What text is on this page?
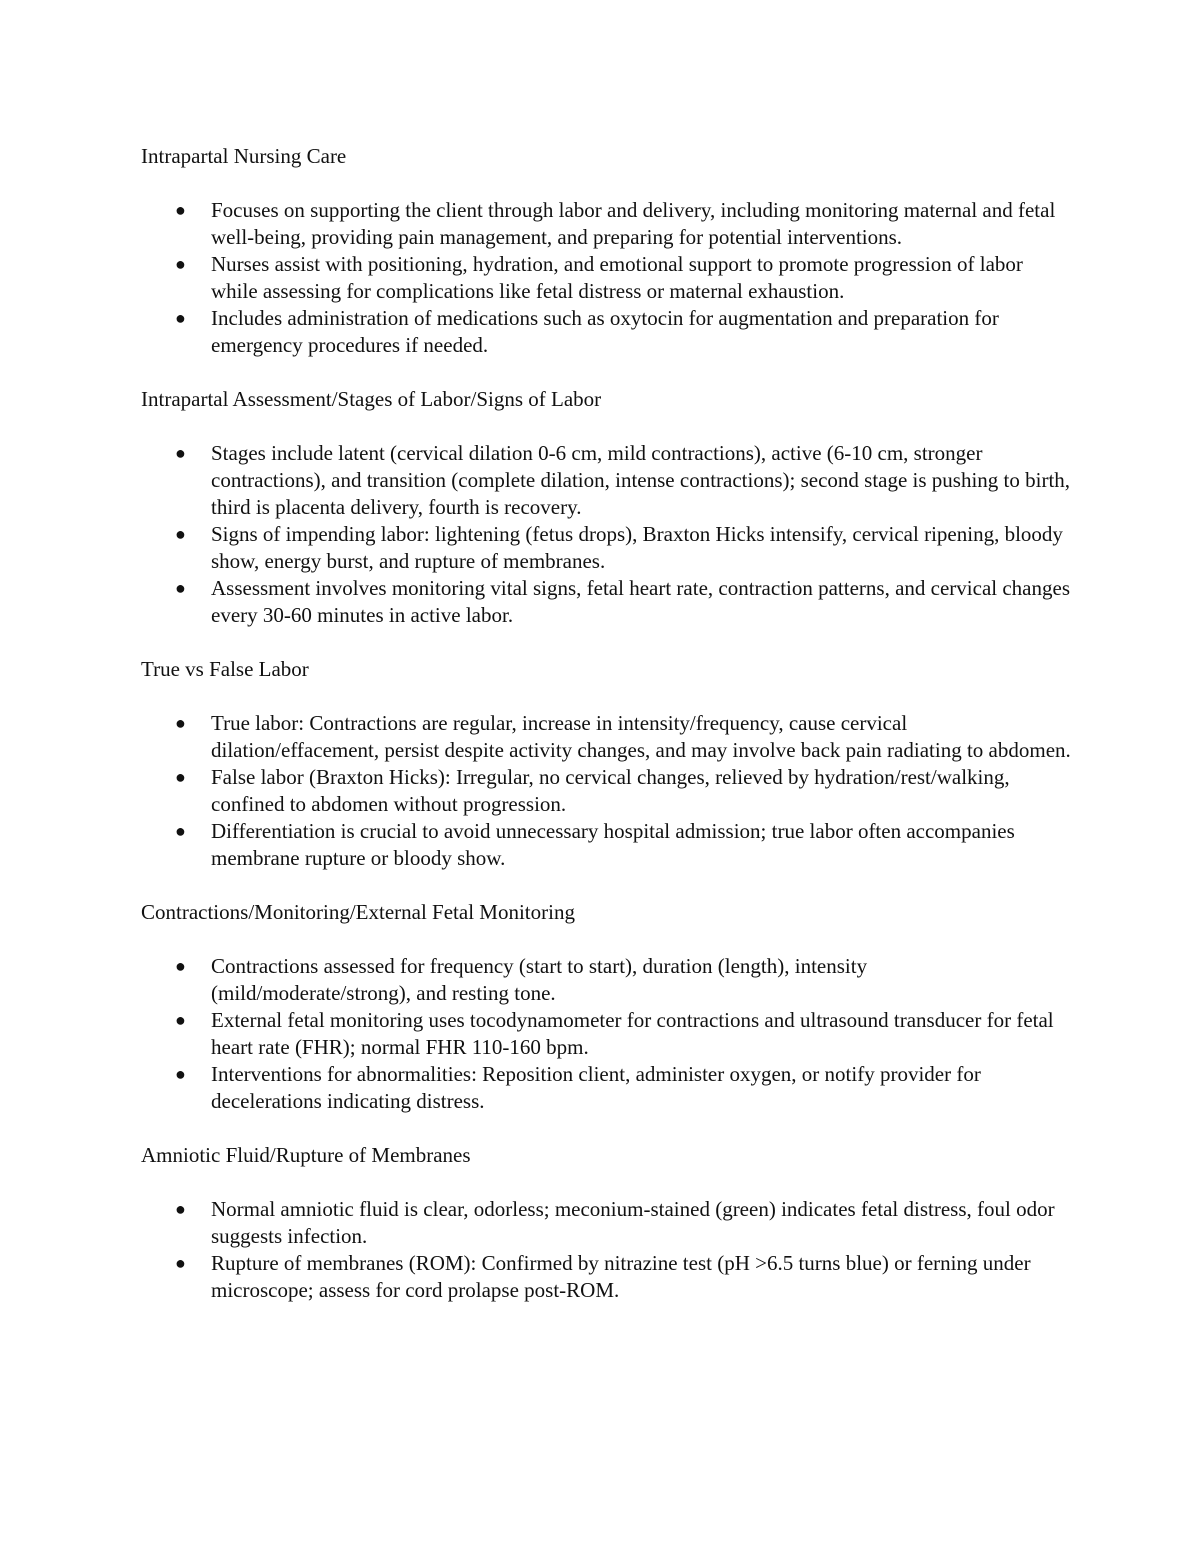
Intrapartal Nursing Care

● Focuses on supporting the client through labor and delivery, including monitoring maternal and fetal well-being, providing pain management, and preparing for potential interventions.
● Nurses assist with positioning, hydration, and emotional support to promote progression of labor while assessing for complications like fetal distress or maternal exhaustion.
● Includes administration of medications such as oxytocin for augmentation and preparation for emergency procedures if needed.

Intrapartal Assessment/Stages of Labor/Signs of Labor

● Stages include latent (cervical dilation 0-6 cm, mild contractions), active (6-10 cm, stronger contractions), and transition (complete dilation, intense contractions); second stage is pushing to birth, third is placenta delivery, fourth is recovery.
● Signs of impending labor: lightening (fetus drops), Braxton Hicks intensify, cervical ripening, bloody show, energy burst, and rupture of membranes.
● Assessment involves monitoring vital signs, fetal heart rate, contraction patterns, and cervical changes every 30-60 minutes in active labor.

True vs False Labor

● True labor: Contractions are regular, increase in intensity/frequency, cause cervical dilation/effacement, persist despite activity changes, and may involve back pain radiating to abdomen.
● False labor (Braxton Hicks): Irregular, no cervical changes, relieved by hydration/rest/walking, confined to abdomen without progression.
● Differentiation is crucial to avoid unnecessary hospital admission; true labor often accompanies membrane rupture or bloody show.

Contractions/Monitoring/External Fetal Monitoring

● Contractions assessed for frequency (start to start), duration (length), intensity (mild/moderate/strong), and resting tone.
● External fetal monitoring uses tocodynamometer for contractions and ultrasound transducer for fetal heart rate (FHR); normal FHR 110-160 bpm.
● Interventions for abnormalities: Reposition client, administer oxygen, or notify provider for decelerations indicating distress.

Amniotic Fluid/Rupture of Membranes

● Normal amniotic fluid is clear, odorless; meconium-stained (green) indicates fetal distress, foul odor suggests infection.
● Rupture of membranes (ROM): Confirmed by nitrazine test (pH >6.5 turns blue) or ferning under microscope; assess for cord prolapse post-ROM.
